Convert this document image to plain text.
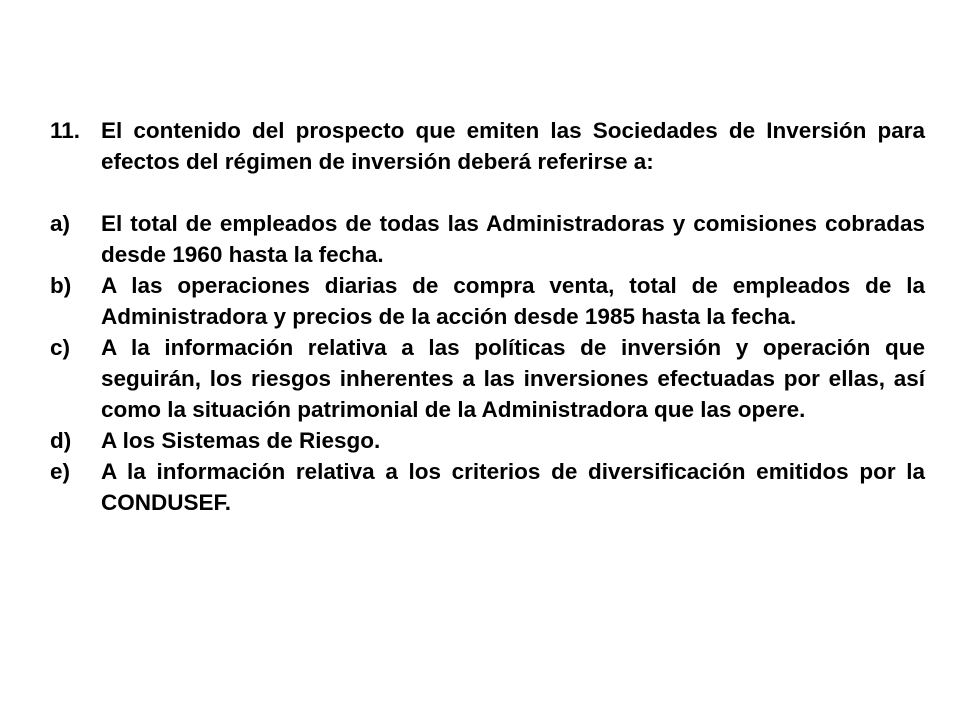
11. El contenido del prospecto que emiten las Sociedades de Inversión para efectos del régimen de inversión deberá referirse a:
a) El total de empleados de todas las Administradoras y comisiones cobradas desde 1960 hasta la fecha.
b) A las operaciones diarias de compra venta, total de empleados de la Administradora y precios de la acción desde 1985 hasta la fecha.
c) A la información relativa a las políticas de inversión y operación que seguirán, los riesgos inherentes a las inversiones efectuadas por ellas, así como la situación patrimonial de la Administradora que las opere.
d) A los Sistemas de Riesgo.
e) A la información relativa a los criterios de diversificación emitidos por la CONDUSEF.
